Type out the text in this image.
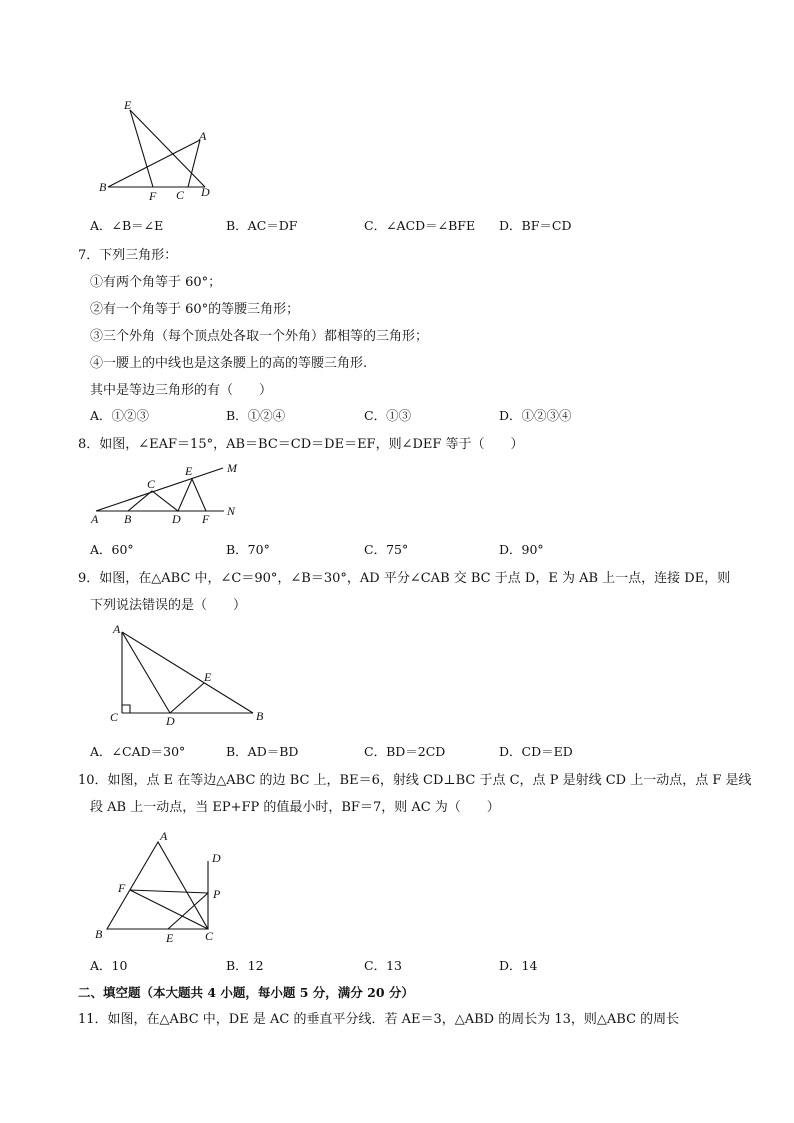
E
A
B
F C D
A．∠B＝∠E	B．AC＝DF	C．∠ACD＝∠BFE D．BF＝CD
7．下列三角形：
①有两个角等于 60°；
②有一个角等于 60°的等腰三角形；
③三个外角（每个顶点处各取一个外角）都相等的三角形；
④一腰上的中线也是这条腰上的高的等腰三角形.
其中是等边三角形的有（　　）
A．①②③	B．①②④	C．①③	D．①②③④
8．如图，∠EAF＝15°，AB＝BC＝CD＝DE＝EF，则∠DEF 等于（　　）
A B
C
D
E
F
M
N
A．60°	B．70°	C．75°	D．90°
9．如图，在△ABC 中，∠C＝90°，∠B＝30°，AD 平分∠CAB 交 BC 于点 D，E 为 AB 上一点，连接 DE，则
下列说法错误的是（　　）
A
C	D
E
B
A．∠CAD＝30°	B．AD＝BD	C．BD＝2CD	D．CD＝ED
10．如图，点 E 在等边△ABC 的边 BC 上，BE＝6，射线 CD⊥BC 于点 C，点 P 是射线 CD 上一动点，点 F 是线
段 AB 上一动点，当 EP+FP 的值最小时，BF＝7，则 AC 为（　　）
A
D
F	P
B	E	C
A．10	B．12	C．13	D．14
二、填空题（本大题共 4 小题，每小题 5 分，满分 20 分）
11．如图，在△ABC 中，DE 是 AC 的垂直平分线．若 AE＝3，△ABD 的周长为 13，则△ABC 的周长
